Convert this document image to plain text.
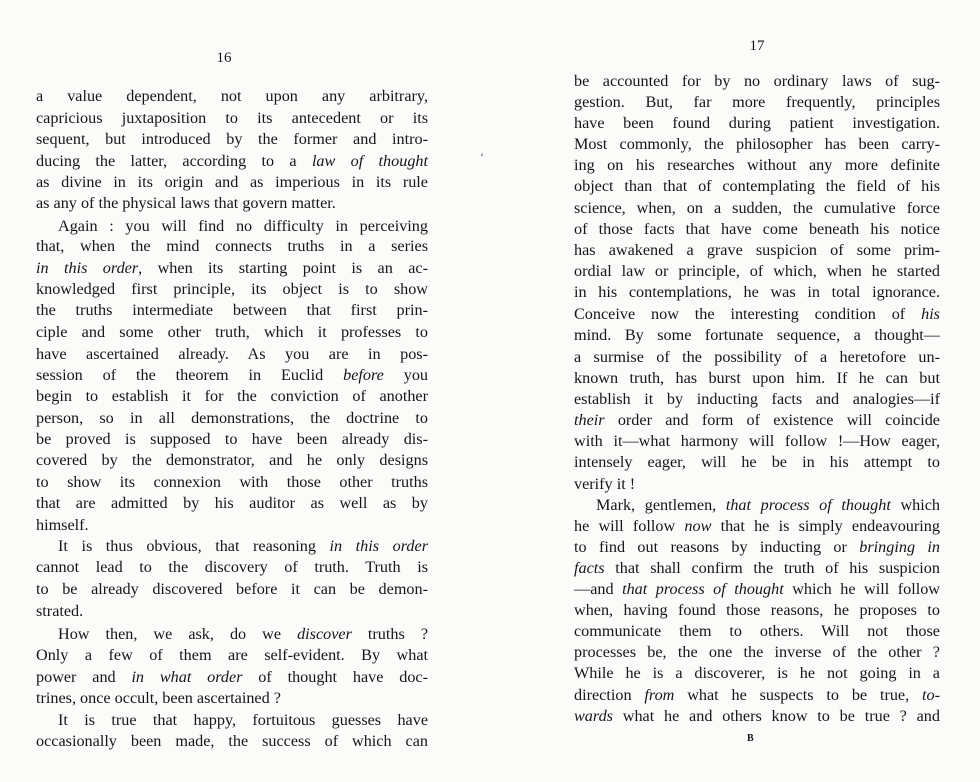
16
a value dependent, not upon any arbitrary,
capricious juxtaposition to its antecedent or its
sequent, but introduced by the former and intro-
ducing the latter, according to a law of thought
as divine in its origin and as imperious in its rule
as any of the physical laws that govern matter.
Again : you will find no difficulty in perceiving
that, when the mind connects truths in a series
in this order, when its starting point is an ac-
knowledged first principle, its object is to show
the truths intermediate between that first prin-
ciple and some other truth, which it professes to
have ascertained already. As you are in pos-
session of the theorem in Euclid before you
begin to establish it for the conviction of another
person, so in all demonstrations, the doctrine to
be proved is supposed to have been already dis-
covered by the demonstrator, and he only designs
to show its connexion with those other truths
that are admitted by his auditor as well as by
himself.
It is thus obvious, that reasoning in this order
cannot lead to the discovery of truth. Truth is
to be already discovered before it can be demon-
strated.
How then, we ask, do we discover truths ?
Only a few of them are self-evident. By what
power and in what order of thought have doc-
trines, once occult, been ascertained ?
It is true that happy, fortuitous guesses have
occasionally been made, the success of which can
‘
17
be accounted for by no ordinary laws of sug-
gestion. But, far more frequently, principles
have been found during patient investigation.
Most commonly, the philosopher has been carry-
ing on his researches without any more definite
object than that of contemplating the field of his
science, when, on a sudden, the cumulative force
of those facts that have come beneath his notice
has awakened a grave suspicion of some prim-
ordial law or principle, of which, when he started
in his contemplations, he was in total ignorance.
Conceive now the interesting condition of his
mind. By some fortunate sequence, a thought—
a surmise of the possibility of a heretofore un-
known truth, has burst upon him. If he can but
establish it by inducting facts and analogies—if
their order and form of existence will coincide
with it—what harmony will follow !—How eager,
intensely eager, will he be in his attempt to
verify it !
Mark, gentlemen, that process of thought which
he will follow now that he is simply endeavouring
to find out reasons by inducting or bringing in
facts that shall confirm the truth of his suspicion
—and that process of thought which he will follow
when, having found those reasons, he proposes to
communicate them to others. Will not those
processes be, the one the inverse of the other ?
While he is a discoverer, is he not going in a
direction from what he suspects to be true, to-
wards what he and others know to be true ? and
B
